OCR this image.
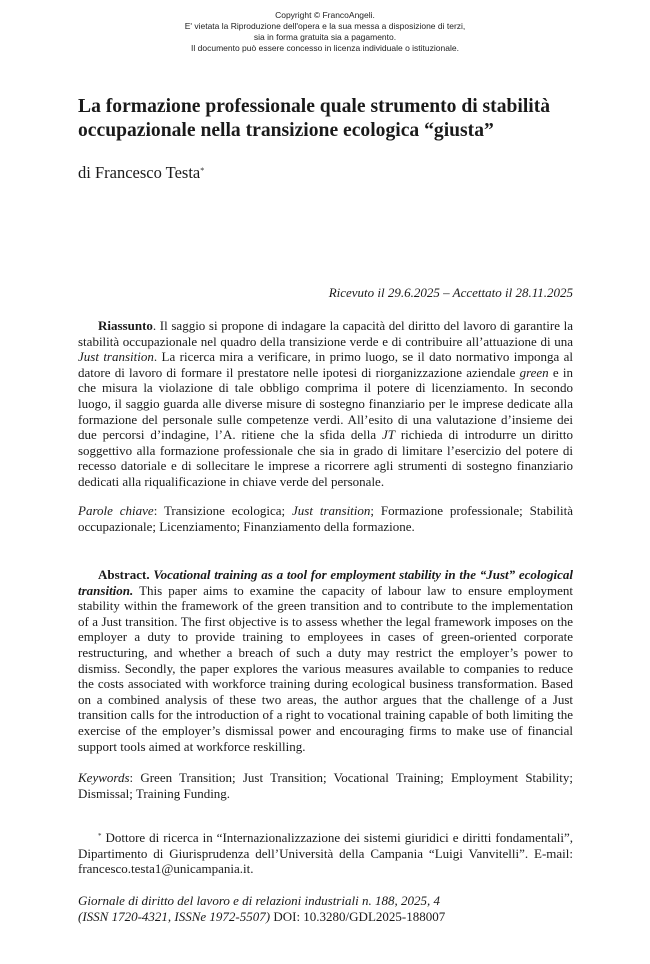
Copyright © FrancoAngeli.
E' vietata la Riproduzione dell'opera e la sua messa a disposizione di terzi,
sia in forma gratuita sia a pagamento.
Il documento può essere concesso in licenza individuale o istituzionale.
La formazione professionale quale strumento di stabilità occupazionale nella transizione ecologica “giusta”
di Francesco Testa*
Ricevuto il 29.6.2025 – Accettato il 28.11.2025

Riassunto. Il saggio si propone di indagare la capacità del diritto del lavoro di garantire la stabilità occupazionale nel quadro della transizione verde e di contribuire all’attuazione di una Just transition. La ricerca mira a verificare, in primo luogo, se il dato normativo imponga al datore di lavoro di formare il prestatore nelle ipotesi di riorganizzazione aziendale green e in che misura la violazione di tale obbligo comprima il potere di licenziamento. In secondo luogo, il saggio guarda alle diverse misure di sostegno finanziario per le imprese dedicate alla formazione del personale sulle competenze verdi. All’esito di una valutazione d’insieme dei due percorsi d’indagine, l’A. ritiene che la sfida della JT richieda di introdurre un diritto soggettivo alla formazione professionale che sia in grado di limitare l’esercizio del potere di recesso datoriale e di sollecitare le imprese a ricorrere agli strumenti di sostegno finanziario dedicati alla riqualificazione in chiave verde del personale.

Parole chiave: Transizione ecologica; Just transition; Formazione professionale; Stabilità occupazionale; Licenziamento; Finanziamento della formazione.

Abstract. Vocational training as a tool for employment stability in the “Just” ecological transition. This paper aims to examine the capacity of labour law to ensure employment stability within the framework of the green transition and to contribute to the implementation of a Just transition. The first objective is to assess whether the legal framework imposes on the employer a duty to provide training to employees in cases of green-oriented corporate restructuring, and whether a breach of such a duty may restrict the employer’s power to dismiss. Secondly, the paper explores the various measures available to companies to reduce the costs associated with workforce training during ecological business transformation. Based on a combined analysis of these two areas, the author argues that the challenge of a Just transition calls for the introduction of a right to vocational training capable of both limiting the exercise of the employer’s dismissal power and encouraging firms to make use of financial support tools aimed at workforce reskilling.

Keywords: Green Transition; Just Transition; Vocational Training; Employment Stability; Dismissal; Training Funding.

* Dottore di ricerca in “Internazionalizzazione dei sistemi giuridici e diritti fondamentali”, Dipartimento di Giurisprudenza dell’Università della Campania “Luigi Vanvitelli”. E-mail: francesco.testa1@unicampania.it.

Giornale di diritto del lavoro e di relazioni industriali n. 188, 2025, 4
(ISSN 1720-4321, ISSNe 1972-5507) DOI: 10.3280/GDL2025-188007
